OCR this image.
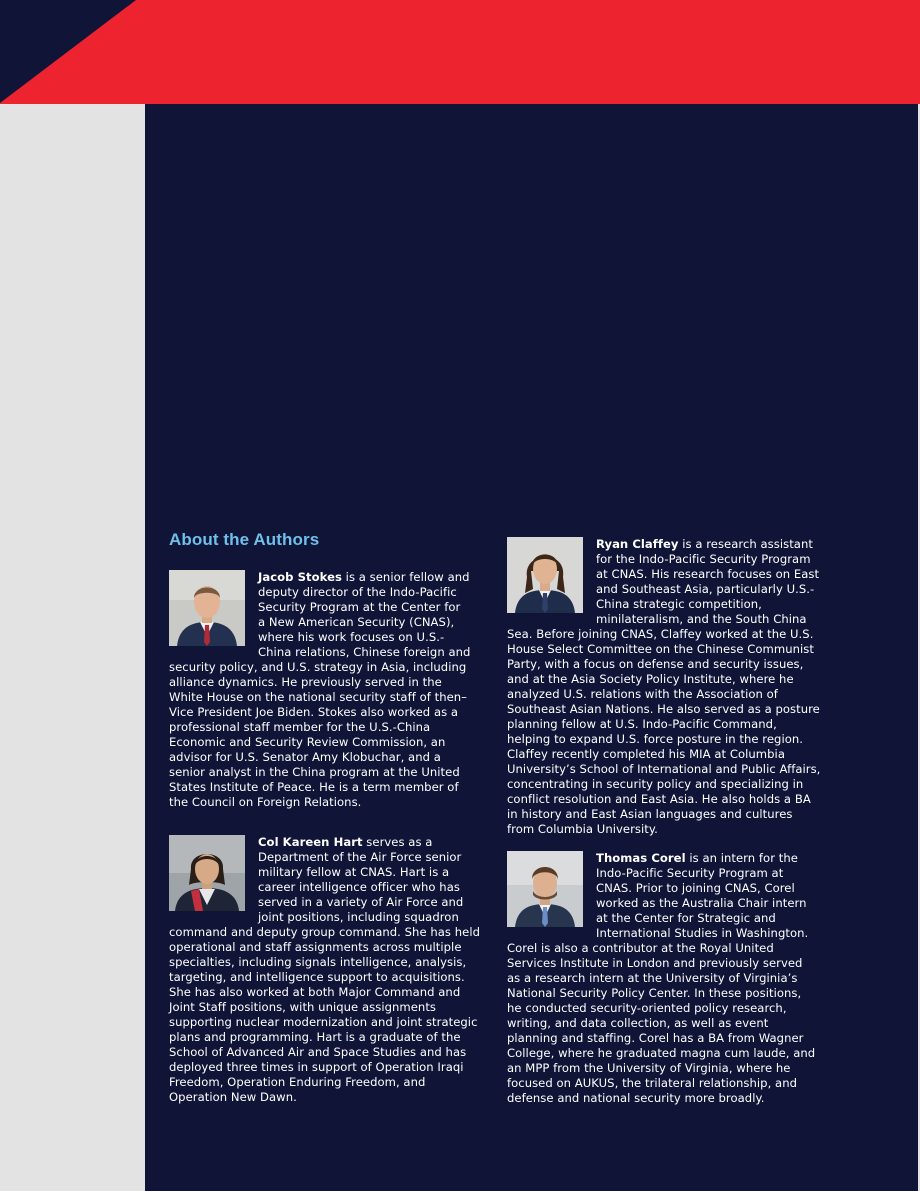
About the Authors
Jacob Stokes is a senior fellow and deputy director of the Indo-Pacific Security Program at the Center for a New American Security (CNAS), where his work focuses on U.S.-China relations, Chinese foreign and security policy, and U.S. strategy in Asia, including alliance dynamics. He previously served in the White House on the national security staff of then–Vice President Joe Biden. Stokes also worked as a professional staff member for the U.S.-China Economic and Security Review Commission, an advisor for U.S. Senator Amy Klobuchar, and a senior analyst in the China program at the United States Institute of Peace. He is a term member of the Council on Foreign Relations.
Col Kareen Hart serves as a Department of the Air Force senior military fellow at CNAS. Hart is a career intelligence officer who has served in a variety of Air Force and joint positions, including squadron command and deputy group command. She has held operational and staff assignments across multiple specialties, including signals intelligence, analysis, targeting, and intelligence support to acquisitions. She has also worked at both Major Command and Joint Staff positions, with unique assignments supporting nuclear modernization and joint strategic plans and programming. Hart is a graduate of the School of Advanced Air and Space Studies and has deployed three times in support of Operation Iraqi Freedom, Operation Enduring Freedom, and Operation New Dawn.
Ryan Claffey is a research assistant for the Indo-Pacific Security Program at CNAS. His research focuses on East and Southeast Asia, particularly U.S.-China strategic competition, minilateralism, and the South China Sea. Before joining CNAS, Claffey worked at the U.S. House Select Committee on the Chinese Communist Party, with a focus on defense and security issues, and at the Asia Society Policy Institute, where he analyzed U.S. relations with the Association of Southeast Asian Nations. He also served as a posture planning fellow at U.S. Indo-Pacific Command, helping to expand U.S. force posture in the region. Claffey recently completed his MIA at Columbia University’s School of International and Public Affairs, concentrating in security policy and specializing in conflict resolution and East Asia. He also holds a BA in history and East Asian languages and cultures from Columbia University.
Thomas Corel is an intern for the Indo-Pacific Security Program at CNAS. Prior to joining CNAS, Corel worked as the Australia Chair intern at the Center for Strategic and International Studies in Washington. Corel is also a contributor at the Royal United Services Institute in London and previously served as a research intern at the University of Virginia’s National Security Policy Center. In these positions, he conducted security-oriented policy research, writing, and data collection, as well as event planning and staffing. Corel has a BA from Wagner College, where he graduated magna cum laude, and an MPP from the University of Virginia, where he focused on AUKUS, the trilateral relationship, and defense and national security more broadly.
